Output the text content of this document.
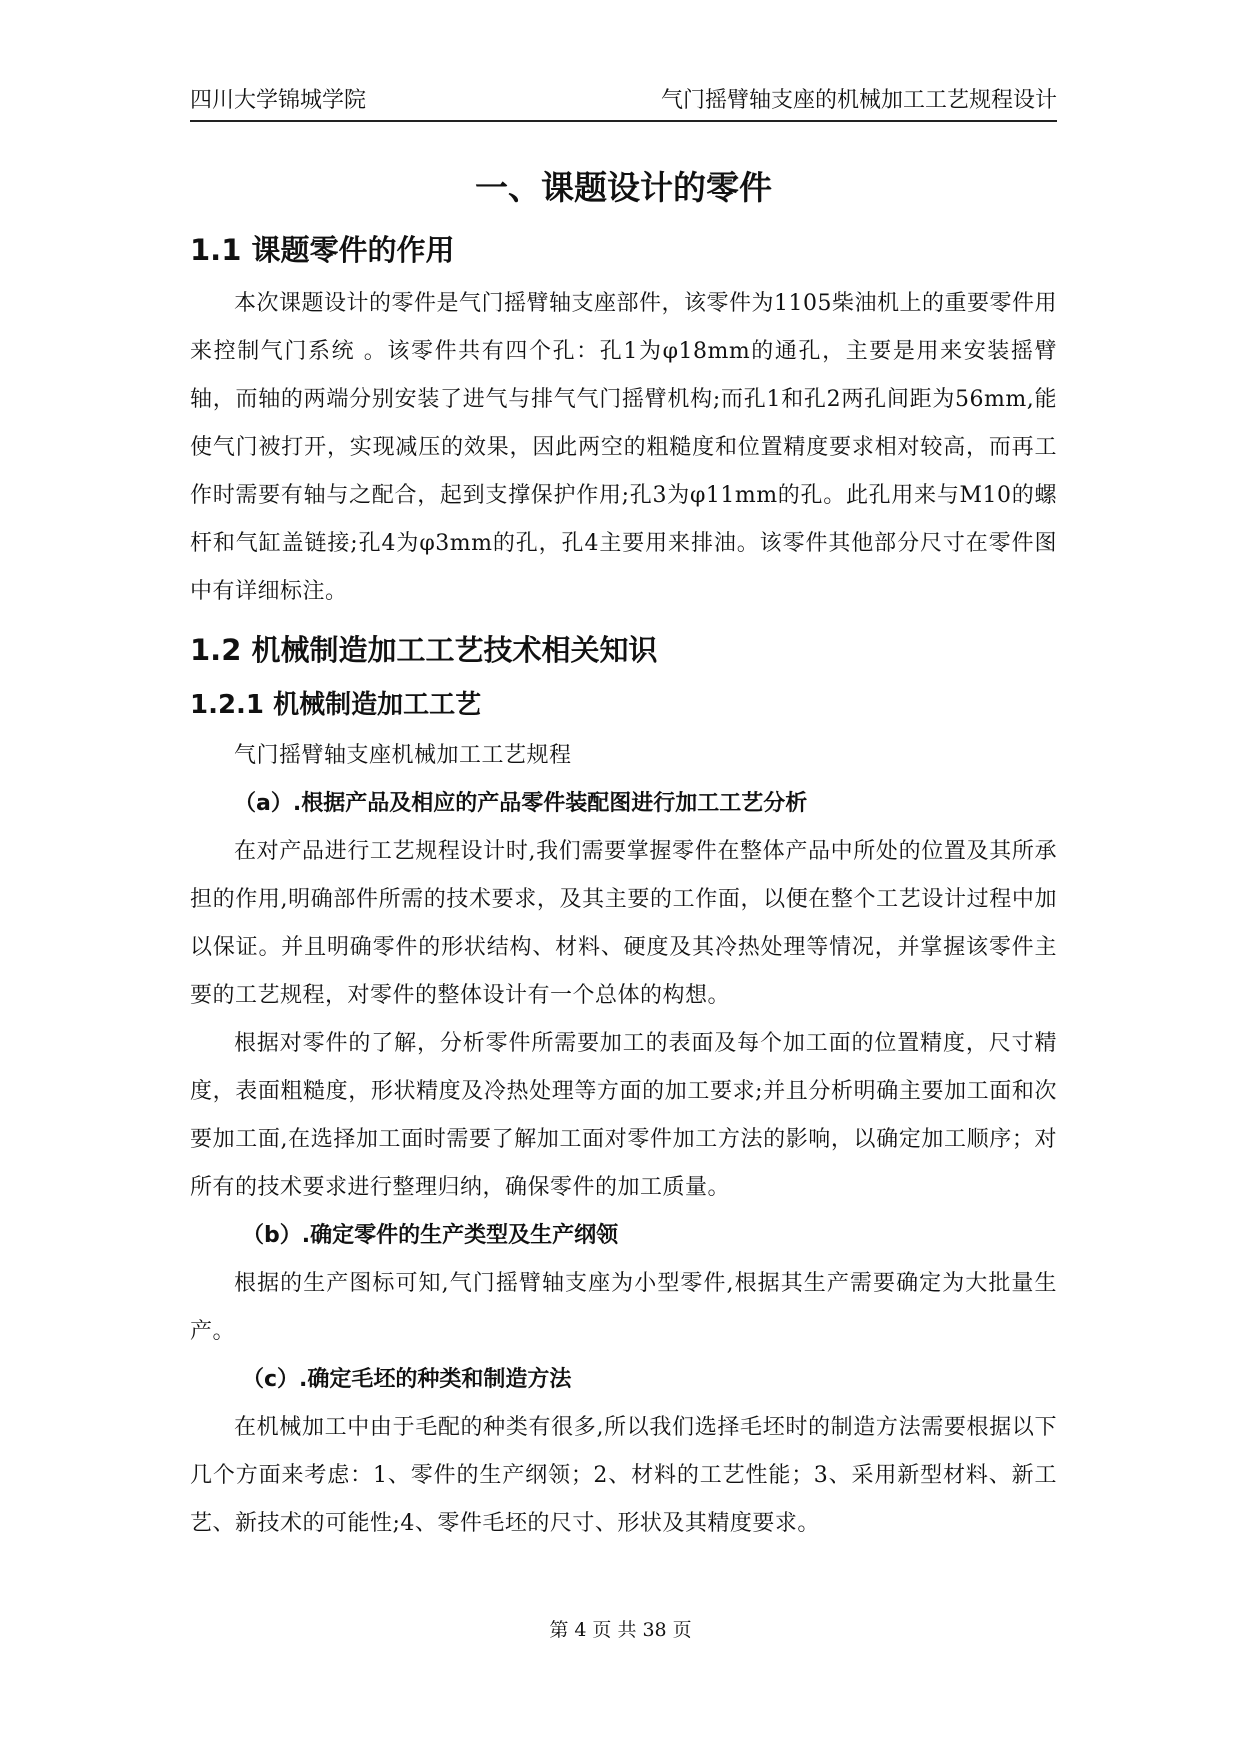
四川大学锦城学院	气门摇臂轴支座的机械加工工艺规程设计
一、课题设计的零件
1.1 课题零件的作用

本次课题设计的零件是气门摇臂轴支座部件，该零件为1105柴油机上的重要零件用来控制气门系统 。该零件共有四个孔：孔1为φ18mm的通孔，主要是用来安装摇臂轴，而轴的两端分别安装了进气与排气气门摇臂机构;而孔1和孔2两孔间距为56mm,能使气门被打开，实现减压的效果，因此两空的粗糙度和位置精度要求相对较高，而再工作时需要有轴与之配合，起到支撑保护作用;孔3为φ11mm的孔。此孔用来与M10的螺杆和气缸盖链接;孔4为φ3mm的孔，孔4主要用来排油。该零件其他部分尺寸在零件图中有详细标注。

1.2 机械制造加工工艺技术相关知识
1.2.1 机械制造加工工艺

气门摇臂轴支座机械加工工艺规程

（a）.根据产品及相应的产品零件装配图进行加工工艺分析

在对产品进行工艺规程设计时,我们需要掌握零件在整体产品中所处的位置及其所承担的作用,明确部件所需的技术要求，及其主要的工作面，以便在整个工艺设计过程中加以保证。并且明确零件的形状结构、材料、硬度及其冷热处理等情况，并掌握该零件主要的工艺规程，对零件的整体设计有一个总体的构想。

根据对零件的了解，分析零件所需要加工的表面及每个加工面的位置精度，尺寸精度，表面粗糙度，形状精度及冷热处理等方面的加工要求;并且分析明确主要加工面和次要加工面,在选择加工面时需要了解加工面对零件加工方法的影响，以确定加工顺序；对所有的技术要求进行整理归纳，确保零件的加工质量。

（b）.确定零件的生产类型及生产纲领

根据的生产图标可知,气门摇臂轴支座为小型零件,根据其生产需要确定为大批量生产。

（c）.确定毛坯的种类和制造方法

在机械加工中由于毛配的种类有很多,所以我们选择毛坯时的制造方法需要根据以下几个方面来考虑：1、零件的生产纲领；2、材料的工艺性能；3、采用新型材料、新工艺、新技术的可能性;4、零件毛坯的尺寸、形状及其精度要求。

第 4 页 共 38 页
